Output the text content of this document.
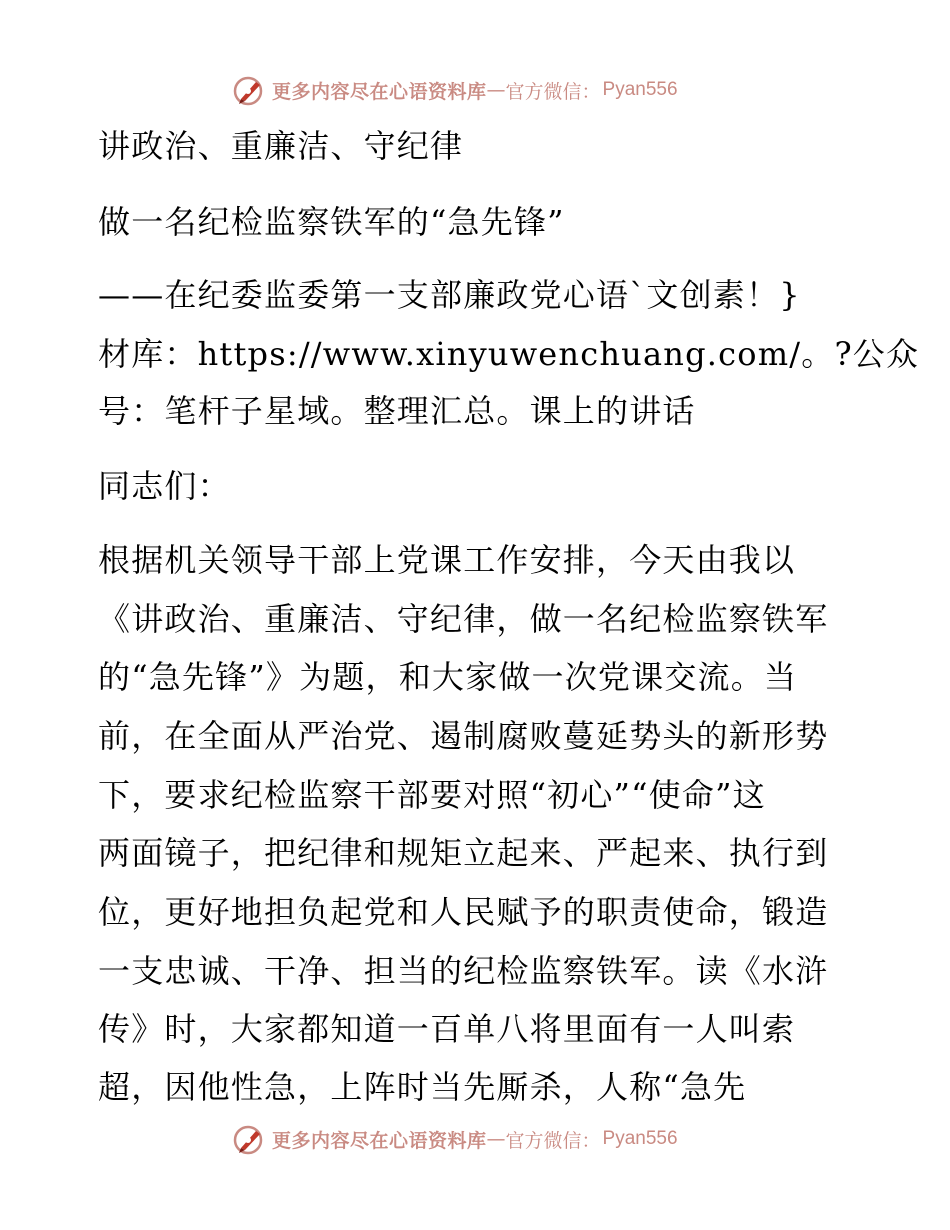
更多内容尽在心语资料库 — 官方微信： Pyan556
讲政治、重廉洁、守纪律
做一名纪检监察铁军的“急先锋”
——在纪委监委第一支部廉政党心语`文创素！}
材库：https://www.xinyuwenchuang.com/。?公众
号：笔杆子星域。整理汇总。课上的讲话
同志们：
根据机关领导干部上党课工作安排，今天由我以
《讲政治、重廉洁、守纪律，做一名纪检监察铁军
的“急先锋”》为题，和大家做一次党课交流。当
前，在全面从严治党、遏制腐败蔓延势头的新形势
下，要求纪检监察干部要对照“初心”“使命”这
两面镜子，把纪律和规矩立起来、严起来、执行到
位，更好地担负起党和人民赋予的职责使命，锻造
一支忠诚、干净、担当的纪检监察铁军。读《水浒
传》时，大家都知道一百单八将里面有一人叫索
超，因他性急，上阵时当先厮杀，人称“急先
更多内容尽在心语资料库 — 官方微信： Pyan556
